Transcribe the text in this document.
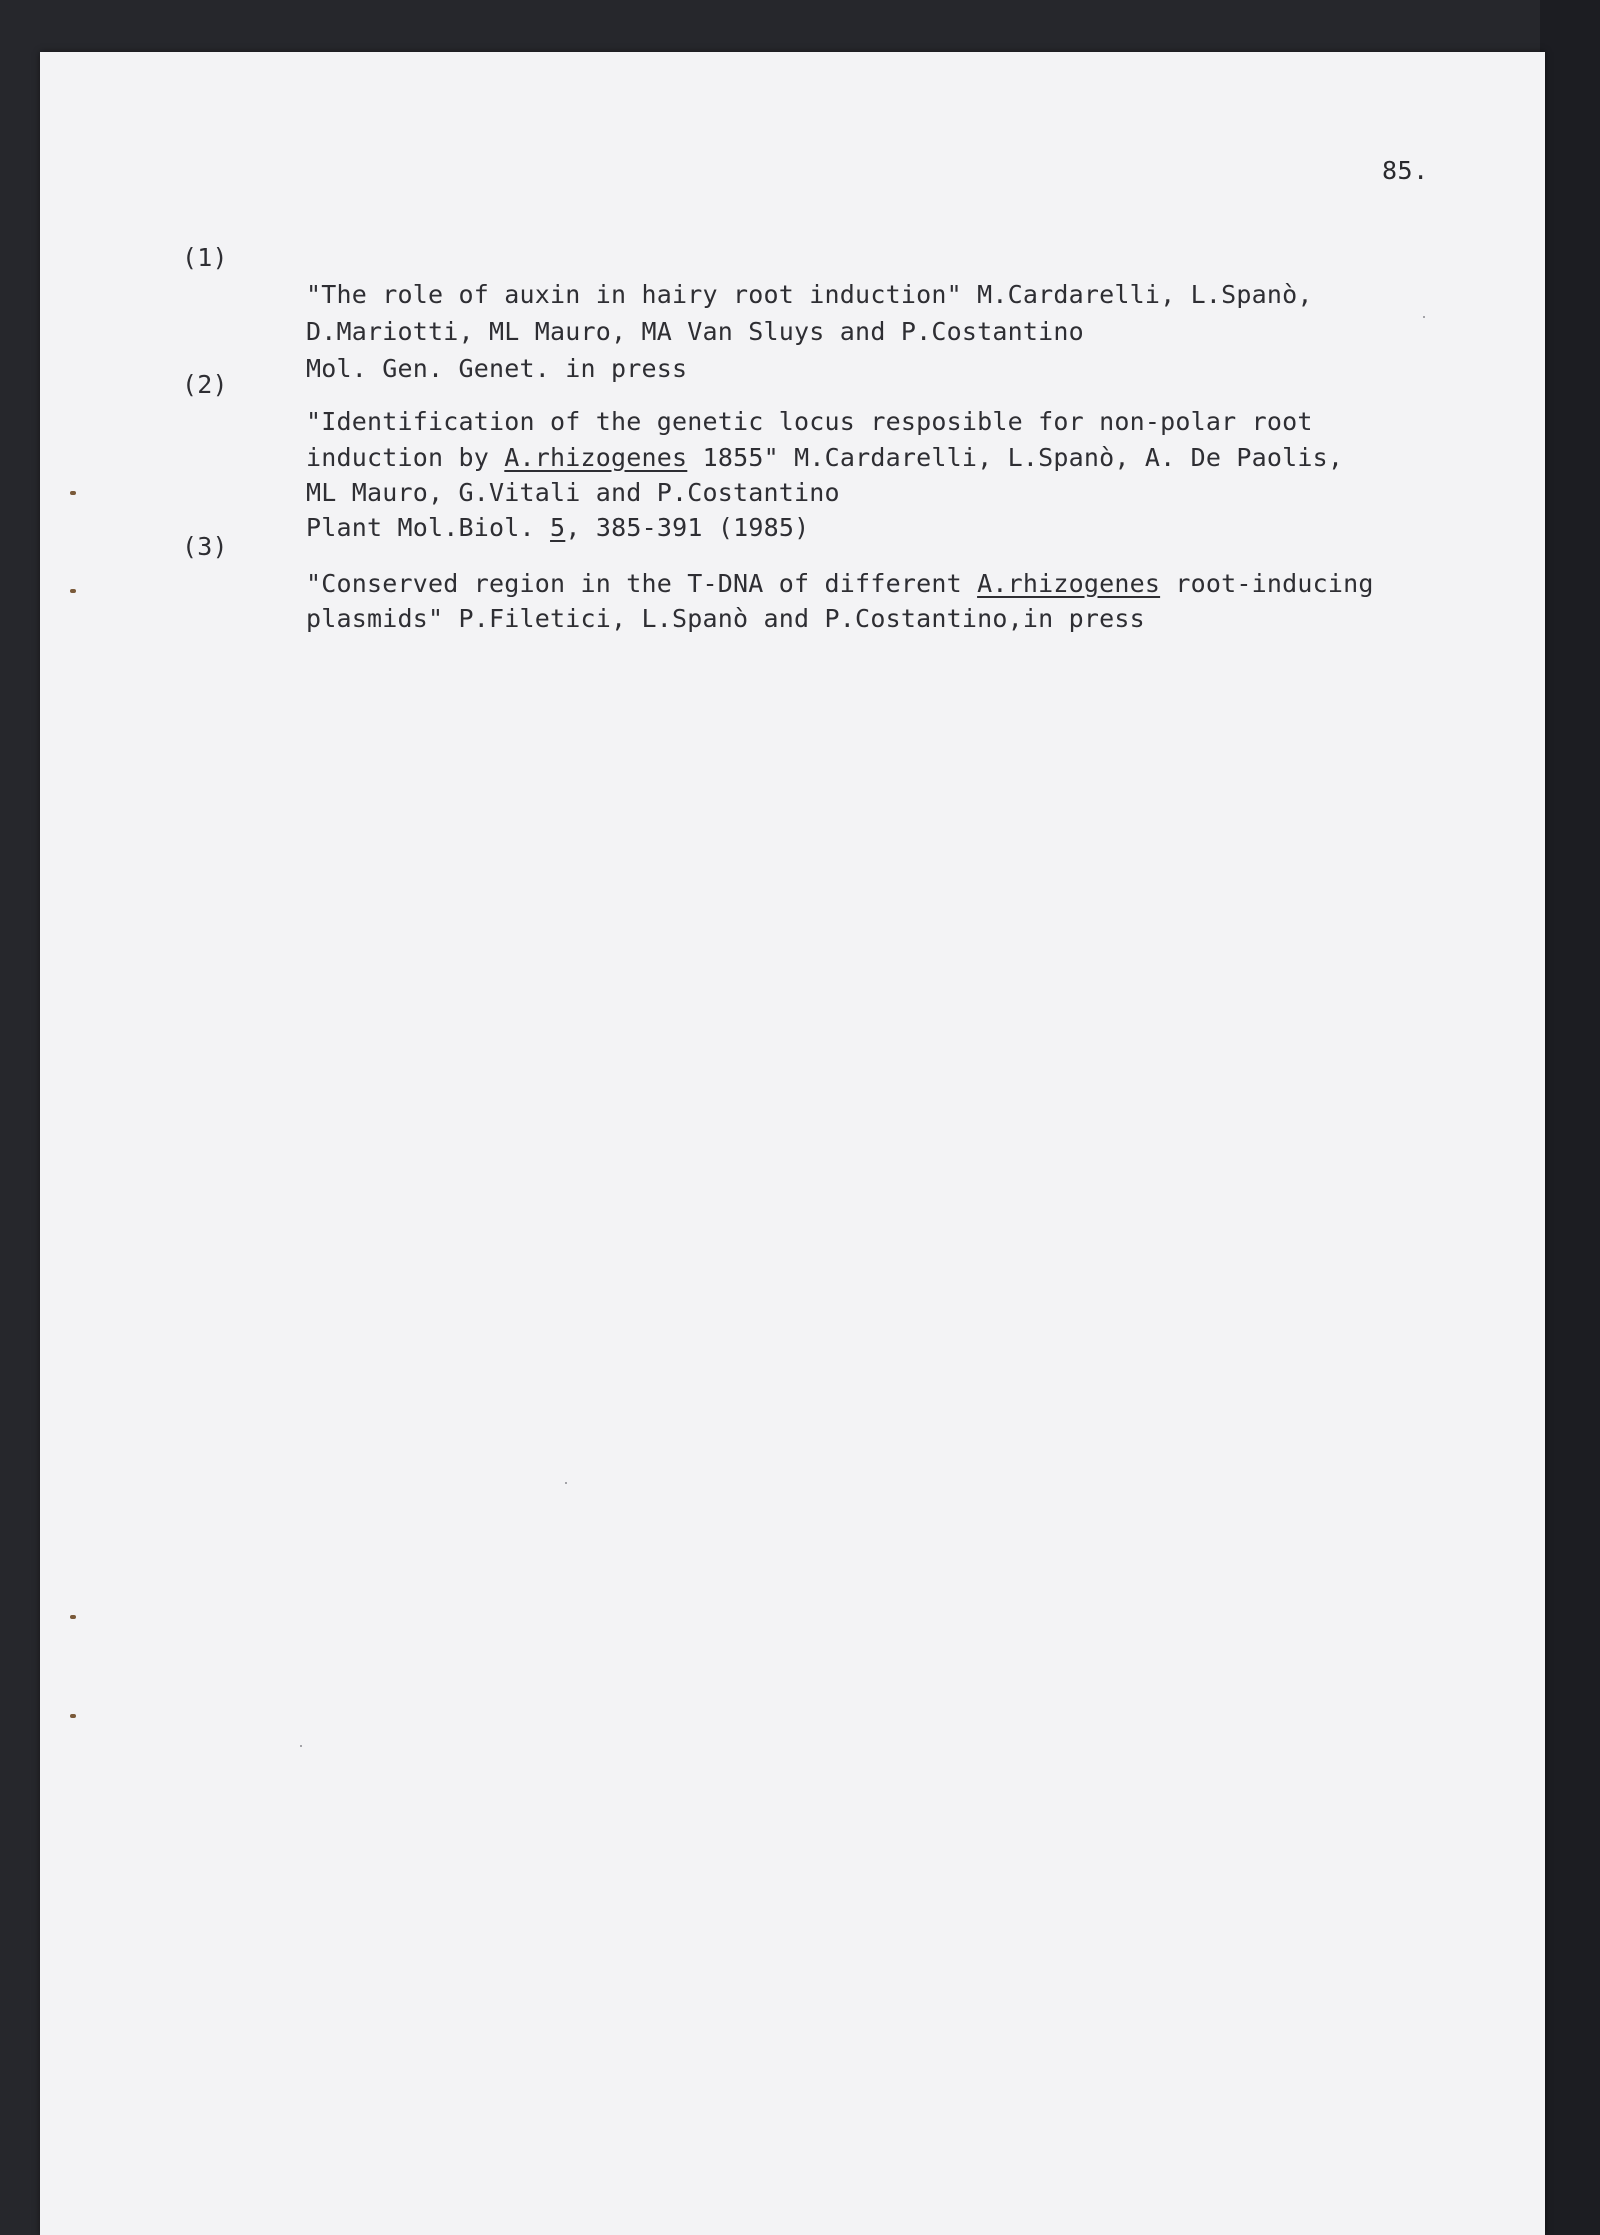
85.
(1)

"The role of auxin in hairy root induction" M.Cardarelli, L.Spanò,

D.Mariotti, ML Mauro, MA Van Sluys and P.Costantino

Mol. Gen. Genet. in press

(2)

"Identification of the genetic locus resposible for non-polar root

induction by A.rhizogenes 1855" M.Cardarelli, L.Spanò, A. De Paolis,

ML Mauro, G.Vitali and P.Costantino

Plant Mol.Biol. 5, 385-391 (1985)

(3)

"Conserved region in the T-DNA of different A.rhizogenes root-inducing

plasmids" P.Filetici, L.Spanò and P.Costantino,in press
